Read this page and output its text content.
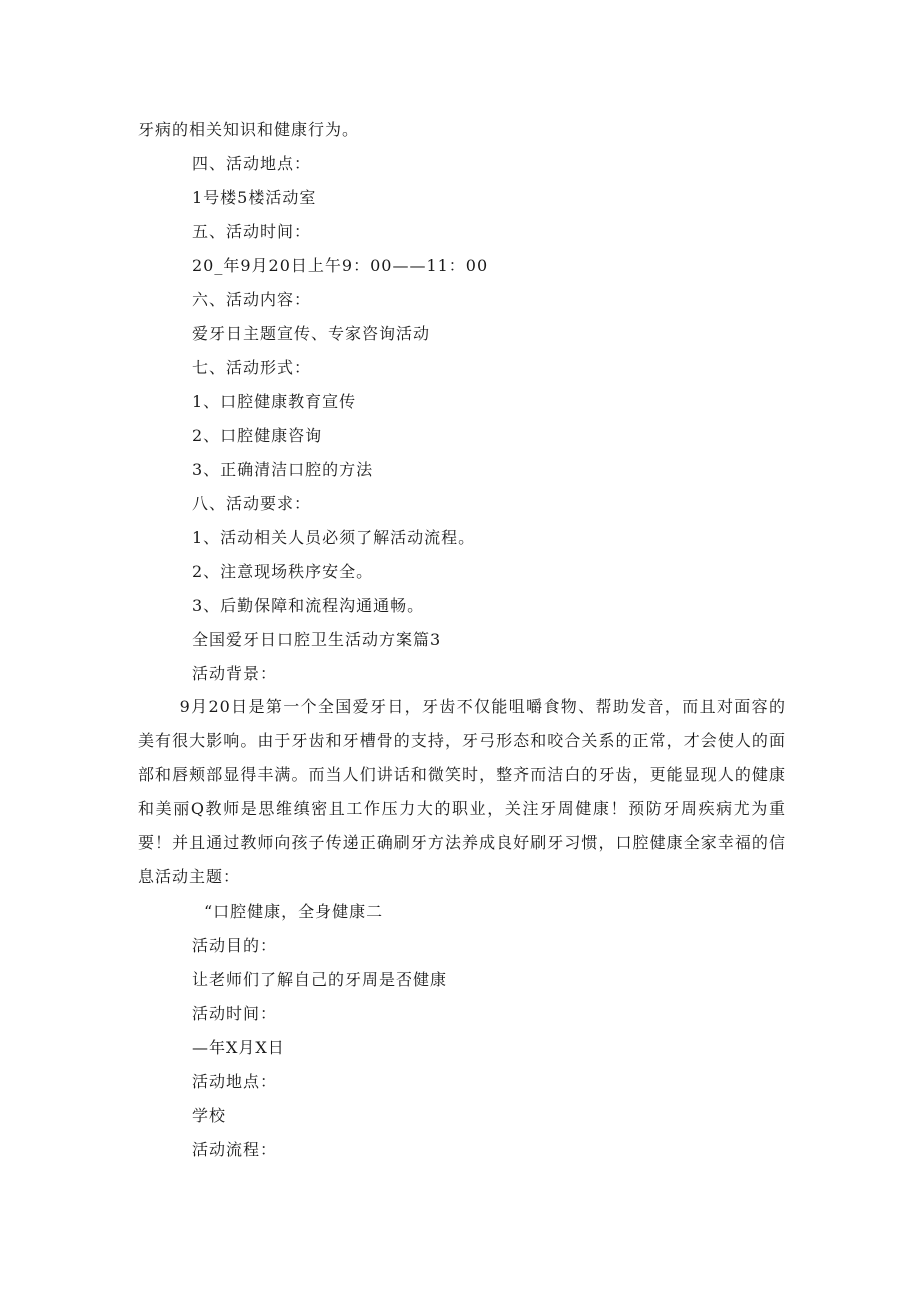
牙病的相关知识和健康行为。
四、活动地点：
1号楼5楼活动室
五、活动时间：
20_年9月20日上午9：00——11：00
六、活动内容：
爱牙日主题宣传、专家咨询活动
七、活动形式：
1、口腔健康教育宣传
2、口腔健康咨询
3、正确清洁口腔的方法
八、活动要求：
1、活动相关人员必须了解活动流程。
2、注意现场秩序安全。
3、后勤保障和流程沟通通畅。
全国爱牙日口腔卫生活动方案篇3
活动背景：
9月20日是第一个全国爱牙日，牙齿不仅能咀嚼食物、帮助发音，而且对面容的美有很大影响。由于牙齿和牙槽骨的支持，牙弓形态和咬合关系的正常，才会使人的面部和唇颊部显得丰满。而当人们讲话和微笑时，整齐而洁白的牙齿，更能显现人的健康和美丽Q教师是思维缜密且工作压力大的职业，关注牙周健康！预防牙周疾病尤为重要！并且通过教师向孩子传递正确刷牙方法养成良好刷牙习惯，口腔健康全家幸福的信息活动主题：
“口腔健康，全身健康二
活动目的：
让老师们了解自己的牙周是否健康
活动时间：
—年X月X日
活动地点：
学校
活动流程：
